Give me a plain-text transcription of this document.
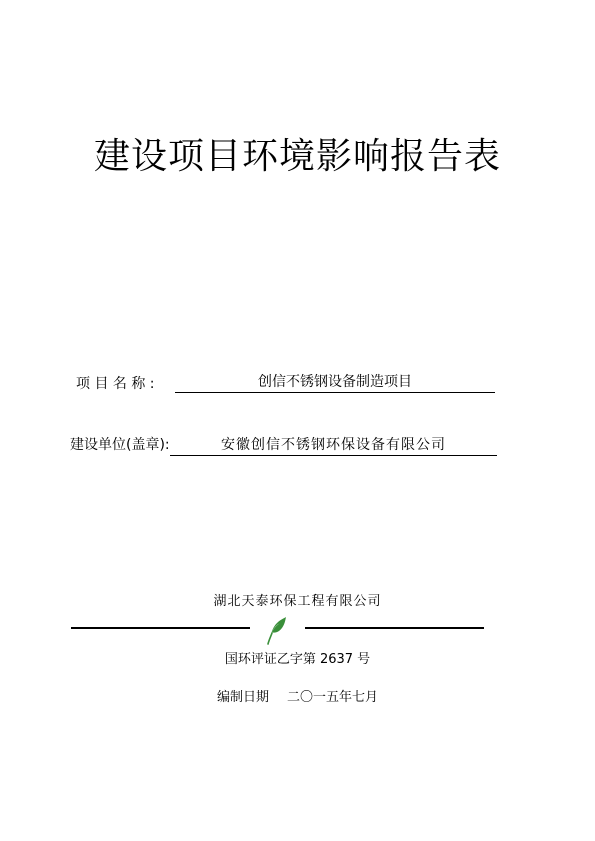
建设项目环境影响报告表
项 目 名 称 :	创信不锈钢设备制造项目
建设单位(盖章):	安徽创信不锈钢环保设备有限公司
湖北天泰环保工程有限公司
国环评证乙字第 2637 号
编制日期 二〇一五年七月
